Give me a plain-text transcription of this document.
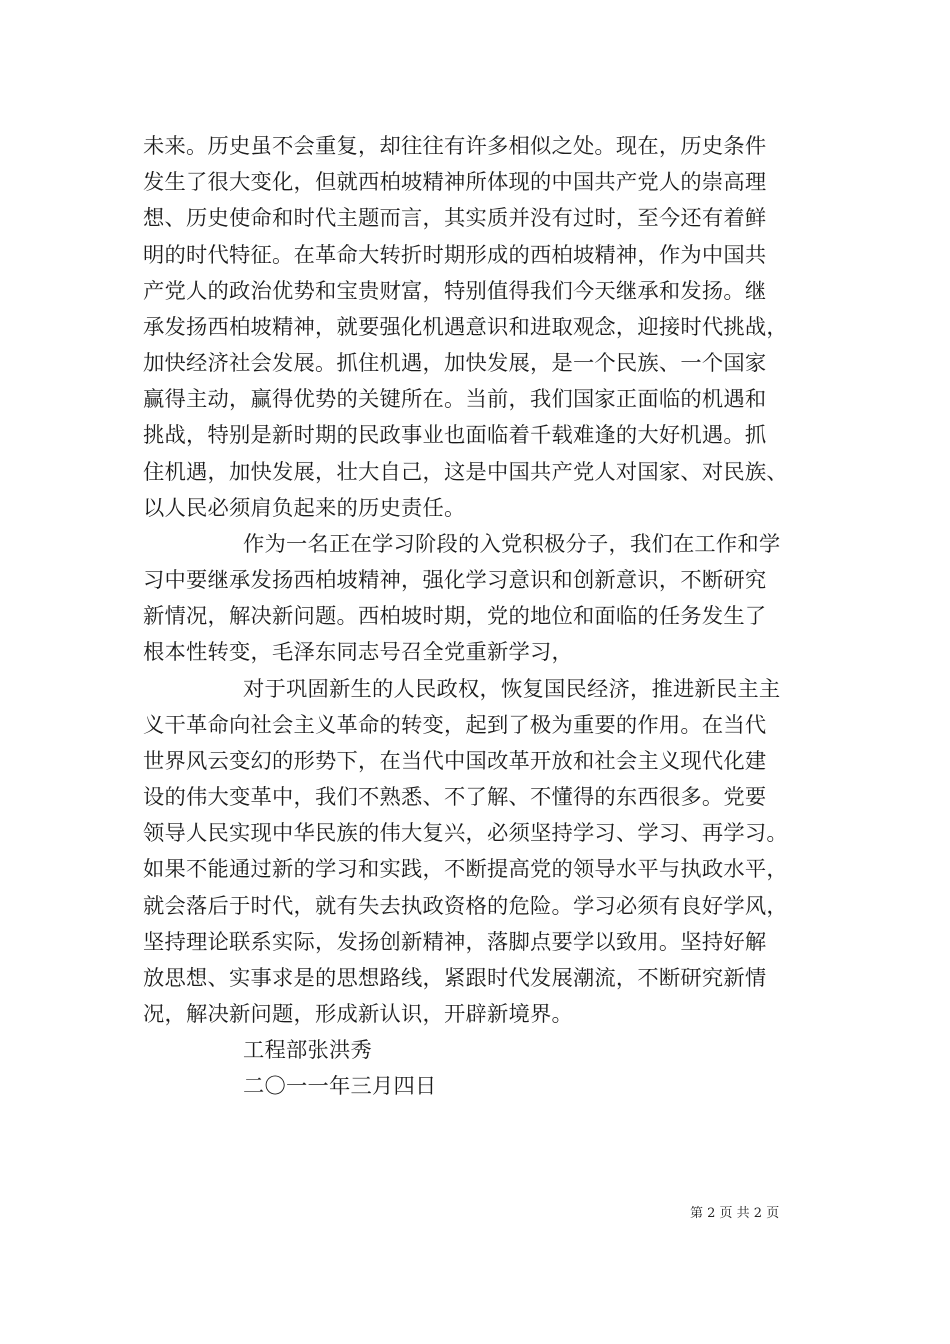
未来。历史虽不会重复，却往往有许多相似之处。现在，历史条件
发生了很大变化，但就西柏坡精神所体现的中国共产党人的崇高理
想、历史使命和时代主题而言，其实质并没有过时，至今还有着鲜
明的时代特征。在革命大转折时期形成的西柏坡精神，作为中国共
产党人的政治优势和宝贵财富，特别值得我们今天继承和发扬。继
承发扬西柏坡精神，就要强化机遇意识和进取观念，迎接时代挑战，
加快经济社会发展。抓住机遇，加快发展，是一个民族、一个国家
赢得主动，赢得优势的关键所在。当前，我们国家正面临的机遇和
挑战，特别是新时期的民政事业也面临着千载难逢的大好机遇。抓
住机遇，加快发展，壮大自己，这是中国共产党人对国家、对民族、
以人民必须肩负起来的历史责任。
作为一名正在学习阶段的入党积极分子，我们在工作和学
习中要继承发扬西柏坡精神，强化学习意识和创新意识，不断研究
新情况，解决新问题。西柏坡时期，党的地位和面临的任务发生了
根本性转变，毛泽东同志号召全党重新学习，
对于巩固新生的人民政权，恢复国民经济，推进新民主主
义干革命向社会主义革命的转变，起到了极为重要的作用。在当代
世界风云变幻的形势下，在当代中国改革开放和社会主义现代化建
设的伟大变革中，我们不熟悉、不了解、不懂得的东西很多。党要
领导人民实现中华民族的伟大复兴，必须坚持学习、学习、再学习。
如果不能通过新的学习和实践，不断提高党的领导水平与执政水平，
就会落后于时代，就有失去执政资格的危险。学习必须有良好学风，
坚持理论联系实际，发扬创新精神，落脚点要学以致用。坚持好解
放思想、实事求是的思想路线，紧跟时代发展潮流，不断研究新情
况，解决新问题，形成新认识，开辟新境界。
工程部张洪秀
二〇一一年三月四日
第 2 页 共 2 页
